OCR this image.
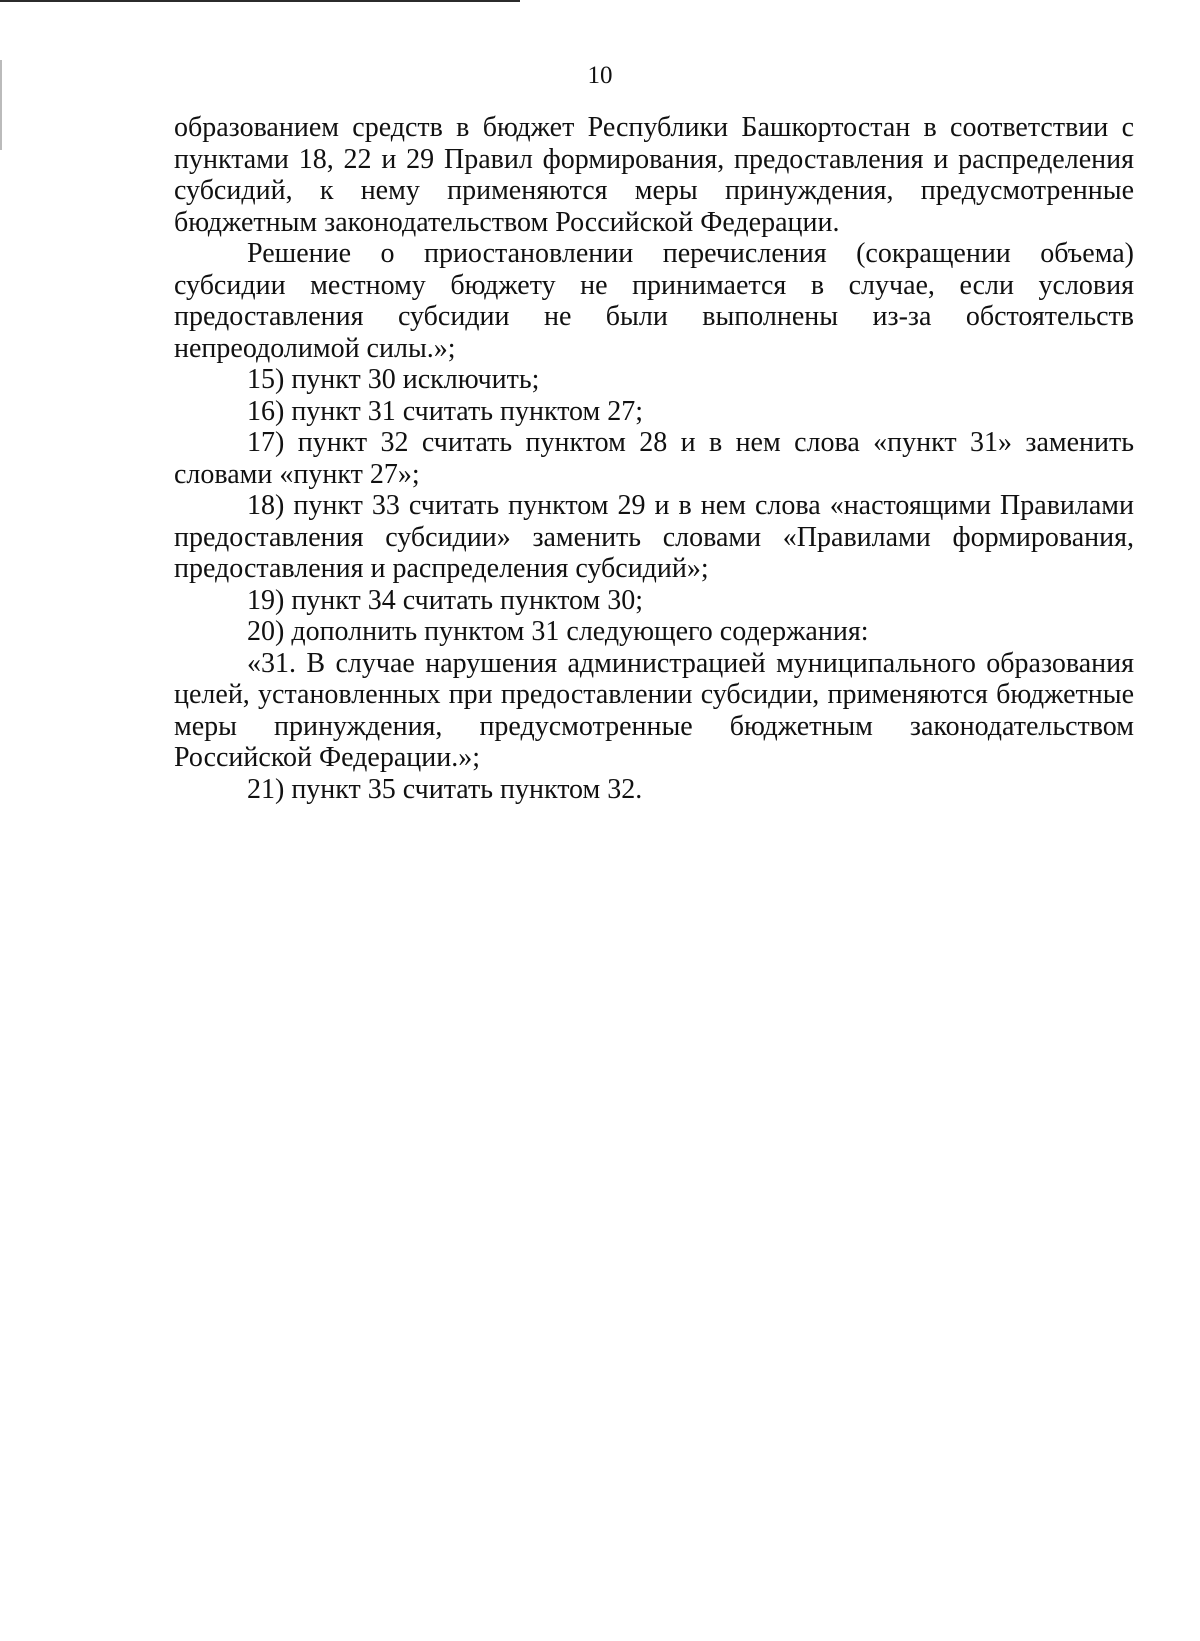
10

образованием средств в бюджет Республики Башкортостан в соответствии с пунктами 18, 22 и 29 Правил формирования, предоставления и распределения субсидий, к нему применяются меры принуждения, предусмотренные бюджетным законодательством Российской Федерации.

Решение о приостановлении перечисления (сокращении объема) субсидии местному бюджету не принимается в случае, если условия предоставления субсидии не были выполнены из-за обстоятельств непреодолимой силы.»;

15) пункт 30 исключить;

16) пункт 31 считать пунктом 27;

17) пункт 32 считать пунктом 28 и в нем слова «пункт 31» заменить словами «пункт 27»;

18) пункт 33 считать пунктом 29 и в нем слова «настоящими Правилами предоставления субсидии» заменить словами «Правилами формирования, предоставления и распределения субсидий»;

19) пункт 34 считать пунктом 30;

20) дополнить пунктом 31 следующего содержания:

«31. В случае нарушения администрацией муниципального образования целей, установленных при предоставлении субсидии, применяются бюджетные меры принуждения, предусмотренные бюджетным законодательством Российской Федерации.»;

21) пункт 35 считать пунктом 32.
